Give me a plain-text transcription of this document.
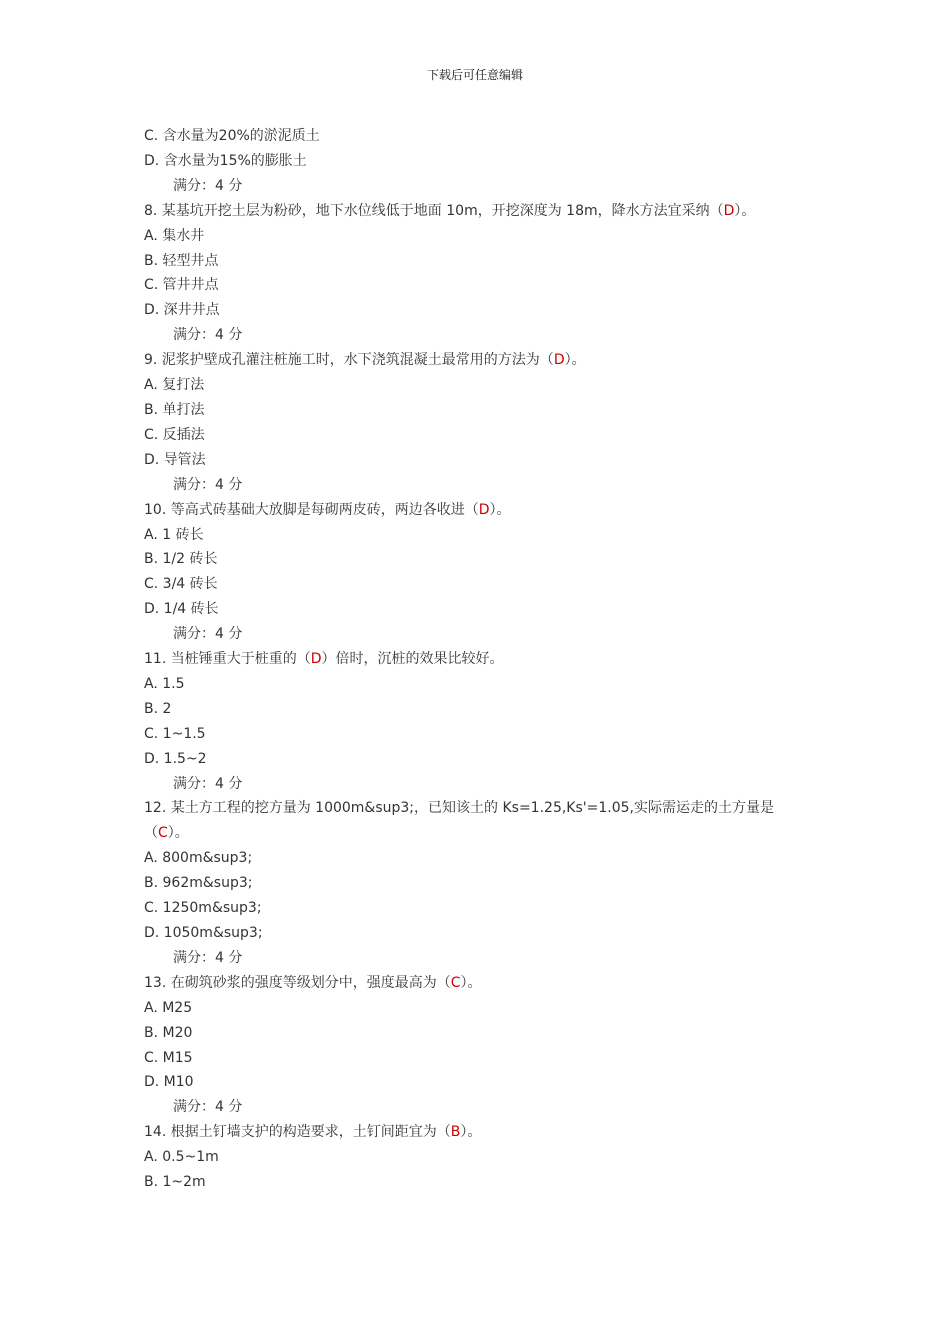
下载后可任意编辑
C. 含水量为20%的淤泥质土
D. 含水量为15%的膨胀土
满分：4 分
8. 某基坑开挖土层为粉砂，地下水位线低于地面 10m，开挖深度为 18m，降水方法宜采纳（D）。
A. 集水井
B. 轻型井点
C. 管井井点
D. 深井井点
满分：4 分
9. 泥浆护壁成孔灌注桩施工时，水下浇筑混凝土最常用的方法为（D）。
A. 复打法
B. 单打法
C. 反插法
D. 导管法
满分：4 分
10. 等高式砖基础大放脚是每砌两皮砖，两边各收进（D）。
A. 1 砖长
B. 1/2 砖长
C. 3/4 砖长
D. 1/4 砖长
满分：4 分
11. 当桩锤重大于桩重的（D）倍时，沉桩的效果比较好。
A. 1.5
B. 2
C. 1~1.5
D. 1.5~2
满分：4 分
12. 某土方工程的挖方量为 1000m&sup3;，已知该土的 Ks=1.25,Ks'=1.05,实际需运走的土方量是（C）。
A. 800m&sup3;
B. 962m&sup3;
C. 1250m&sup3;
D. 1050m&sup3;
满分：4 分
13. 在砌筑砂浆的强度等级划分中，强度最高为（C）。
A. M25
B. M20
C. M15
D. M10
满分：4 分
14. 根据土钉墙支护的构造要求，土钉间距宜为（B）。
A. 0.5~1m
B. 1~2m
